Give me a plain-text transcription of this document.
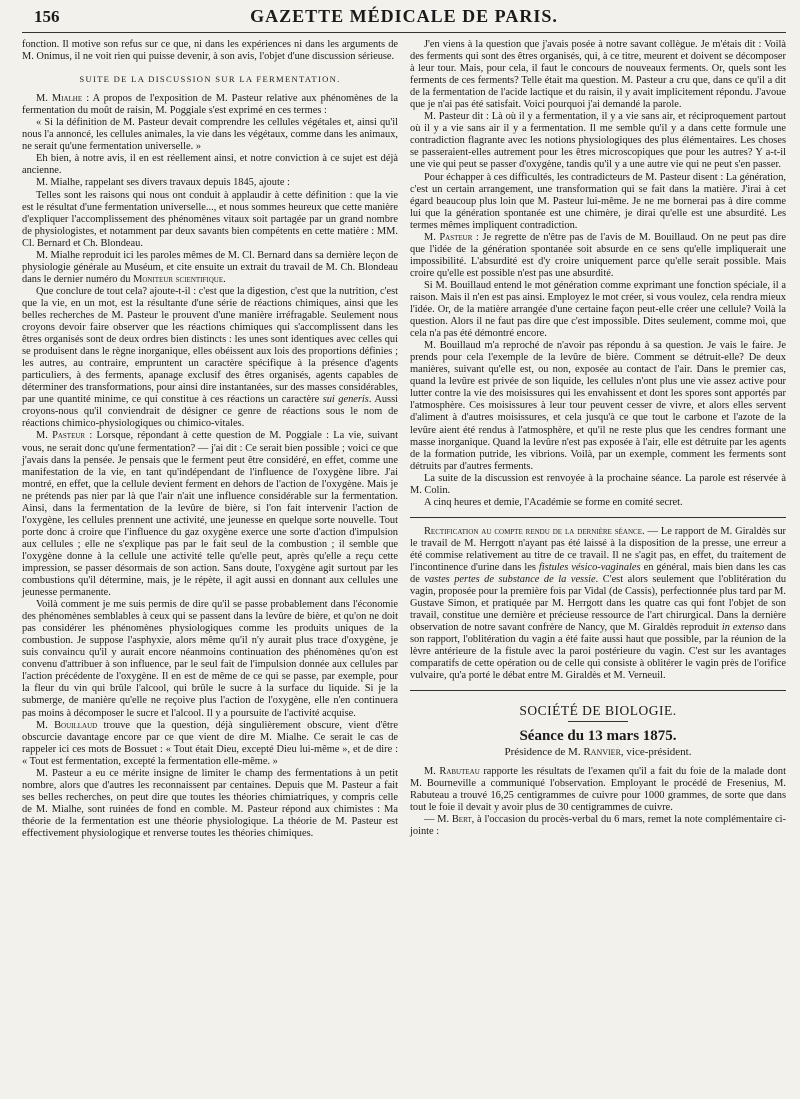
156	GAZETTE MÉDICALE DE PARIS.

fonction. Il motive son refus sur ce que, ni dans les expériences ni dans les arguments de M. Onimus, il ne voit rien qui puisse devenir, à son avis, l'objet d'une discussion sérieuse.

SUITE DE LA DISCUSSION SUR LA FERMENTATION.

M. Mialhe : A propos de l'exposition de M. Pasteur relative aux phénomènes de la fermentation du moût de raisin, M. Poggiale s'est exprimé en ces termes :

« Si la définition de M. Pasteur devait comprendre les cellules végétales et, ainsi qu'il nous l'a annoncé, les cellules animales, la vie dans les végétaux, comme dans les animaux, ne serait qu'une fermentation universelle. »

Eh bien, à notre avis, il en est réellement ainsi, et notre conviction à ce sujet est déjà ancienne.

M. Mialhe, rappelant ses divers travaux depuis 1845, ajoute :

Telles sont les raisons qui nous ont conduit à applaudir à cette définition : que la vie est le résultat d'une fermentation universelle..., et nous sommes heureux que cette manière d'expliquer l'accomplissement des phénomènes vitaux soit partagée par un grand nombre de physiologistes, et notamment par deux savants bien compétents en cette matière : MM. Cl. Bernard et Ch. Blondeau.

M. Mialhe reproduit ici les paroles mêmes de M. Cl. Bernard dans sa dernière leçon de physiologie générale au Muséum, et cite ensuite un extrait du travail de M. Ch. Blondeau dans le dernier numéro du Moniteur scientifique.

Que conclure de tout cela? ajoute-t-il : c'est que la digestion, c'est que la nutrition, c'est que la vie, en un mot, est la résultante d'une série de réactions chimiques, ainsi que les belles recherches de M. Pasteur le prouvent d'une manière irréfragable. Seulement nous croyons devoir faire observer que les réactions chimiques qui s'accomplissent dans les êtres organisés sont de deux ordres bien distincts : les unes sont identiques avec celles qui se produisent dans le règne inorganique, elles obéissent aux lois des proportions définies ; les autres, au contraire, empruntent un caractère spécifique à la présence d'agents particuliers, à des ferments, apanage exclusif des êtres organisés, agents capables de déterminer des transformations, pour ainsi dire instantanées, sur des masses considérables, par une quantité minime, ce qui constitue à ces réactions un caractère sui generis. Aussi croyons-nous qu'il conviendrait de désigner ce genre de réactions sous le nom de réactions chimico-physiologiques ou chimico-vitales.

M. Pasteur : Lorsque, répondant à cette question de M. Poggiale : La vie, suivant vous, ne serait donc qu'une fermentation? — j'ai dit : Ce serait bien possible ; voici ce que j'avais dans la pensée. Je pensais que le ferment peut être considéré, en effet, comme une manifestation de la vie, en tant qu'indépendant de l'influence de l'oxygène libre. J'ai montré, en effet, que la cellule devient ferment en dehors de l'action de l'oxygène. Mais je ne prétends pas nier par là que l'air n'ait une influence considérable sur la fermentation. Ainsi, dans la fermentation de la levûre de bière, si l'on fait intervenir l'action de l'oxygène, les cellules prennent une activité, une jeunesse en quelque sorte nouvelle. Tout porte donc à croire que l'influence du gaz oxygène exerce une sorte d'action d'impulsion aux cellules ; elle ne s'explique pas par le fait seul de la combustion ; il semble que l'oxygène donne à la cellule une activité telle qu'elle peut, après qu'elle a reçu cette impression, se passer désormais de son action. Sans doute, l'oxygène agit surtout par les combustions qu'il détermine, mais, je le répète, il agit aussi en donnant aux cellules une jeunesse permanente.

Voilà comment je me suis permis de dire qu'il se passe probablement dans l'économie des phénomènes semblables à ceux qui se passent dans la levûre de bière, et qu'on ne doit pas considérer les phénomènes physiologiques comme les produits uniques de la combustion. Je suppose l'asphyxie, alors même qu'il n'y aurait plus trace d'oxygène, je suis convaincu qu'il y aurait encore néanmoins continuation des phénomènes qu'on est convenu d'attribuer à son influence, par le seul fait de l'impulsion donnée aux cellules par l'action précédente de l'oxygène. Il en est de même de ce qui se passe, par exemple, pour la fleur du vin qui brûle l'alcool, qui brûle le sucre à la surface du liquide. Si je la submerge, de manière qu'elle ne reçoive plus l'action de l'oxygène, elle n'en continuera pas moins à décomposer le sucre et l'alcool. Il y a poursuite de l'activité acquise.

M. Bouillaud trouve que la question, déjà singulièrement obscure, vient d'être obscurcie davantage encore par ce que vient de dire M. Mialhe. Ce serait le cas de rappeler ici ces mots de Bossuet : « Tout était Dieu, excepté Dieu lui-même », et de dire : « Tout est fermentation, excepté la fermentation elle-même. »

M. Pasteur a eu ce mérite insigne de limiter le champ des fermentations à un petit nombre, alors que d'autres les reconnaissent par centaines. Depuis que M. Pasteur a fait ses belles recherches, on peut dire que toutes les théories chimiatriques, y compris celle de M. Mialhe, sont ruinées de fond en comble. M. Pasteur répond aux chimistes : Ma théorie de la fermentation est une théorie physiologique. La théorie de M. Pasteur est effectivement physiologique et renverse toutes les théories chimiques.

J'en viens à la question que j'avais posée à notre savant collègue. Je m'étais dit : Voilà des ferments qui sont des êtres organisés, qui, à ce titre, meurent et doivent se décomposer à leur tour. Mais, pour cela, il faut le concours de nouveaux ferments. Or, quels sont les ferments de ces ferments? Telle était ma question. M. Pasteur a cru que, dans ce qu'il a dit de la fermentation de l'acide lactique et du raisin, il y avait implicitement répondu. J'avoue que je n'ai pas été satisfait. Voici pourquoi j'ai demandé la parole.

M. Pasteur dit : Là où il y a fermentation, il y a vie sans air, et réciproquement partout où il y a vie sans air il y a fermentation. Il me semble qu'il y a dans cette formule une contradiction flagrante avec les notions physiologiques des plus élémentaires. Les choses se passeraient-elles autrement pour les êtres microscopiques que pour les autres? Y a-t-il une vie qui peut se passer d'oxygène, tandis qu'il y a une autre vie qui ne peut s'en passer.

Pour échapper à ces difficultés, les contradicteurs de M. Pasteur disent : La génération, c'est un certain arrangement, une transformation qui se fait dans la matière. J'irai à cet égard beaucoup plus loin que M. Pasteur lui-même. Je ne me bornerai pas à dire comme lui que la génération spontanée est une chimère, je dirai qu'elle est une absurdité. Les termes mêmes impliquent contradiction.

M. Pasteur : Je regrette de n'être pas de l'avis de M. Bouillaud. On ne peut pas dire que l'idée de la génération spontanée soit absurde en ce sens qu'elle impliquerait une impossibilité. L'absurdité est d'y croire uniquement parce qu'elle serait possible. Mais croire qu'elle est possible n'est pas une absurdité.

Si M. Bouillaud entend le mot génération comme exprimant une fonction spéciale, il a raison. Mais il n'en est pas ainsi. Employez le mot créer, si vous voulez, cela rendra mieux l'idée. Or, de la matière arrangée d'une certaine façon peut-elle créer une cellule? Voilà la question. Alors il ne faut pas dire que c'est impossible. Dites seulement, comme moi, que cela n'a pas été démontré encore.

M. Bouillaud m'a reproché de n'avoir pas répondu à sa question. Je vais le faire. Je prends pour cela l'exemple de la levûre de bière. Comment se détruit-elle? De deux manières, suivant qu'elle est, ou non, exposée au contact de l'air. Dans le premier cas, quand la levûre est privée de son liquide, les cellules n'ont plus une vie assez active pour lutter contre la vie des moisissures qui les envahissent et dont les spores sont apportés par l'atmosphère. Ces moisissures à leur tour peuvent cesser de vivre, et alors elles servent d'aliment à d'autres moisissures, et cela jusqu'à ce que tout le carbone et l'azote de la levûre aient été rendus à l'atmosphère, et qu'il ne reste plus que les cendres formant une masse inorganique. Quand la levûre n'est pas exposée à l'air, elle est détruite par les agents de la formation putride, les vibrions. Voilà, par un exemple, comment les ferments sont détruits par d'autres ferments.

La suite de la discussion est renvoyée à la prochaine séance. La parole est réservée à M. Colin.

A cinq heures et demie, l'Académie se forme en comité secret.

Rectification au compte rendu de la dernière séance. — Le rapport de M. Giraldès sur le travail de M. Herrgott n'ayant pas été laissé à la disposition de la presse, une erreur a été commise relativement au titre de ce travail. Il ne s'agit pas, en effet, du traitement de l'incontinence d'urine dans les fistules vésico-vaginales en général, mais bien dans les cas de vastes pertes de substance de la vessie. C'est alors seulement que l'oblitération du vagin, proposée pour la première fois par Vidal (de Cassis), perfectionnée plus tard par M. Gustave Simon, et pratiquée par M. Herrgott dans les quatre cas qui font l'objet de son travail, constitue une dernière et précieuse ressource de l'art chirurgical. Dans la dernière observation de notre savant confrère de Nancy, que M. Giraldès reproduit in extenso dans son rapport, l'oblitération du vagin a été faite aussi haut que possible, par la réunion de la lèvre antérieure de la fistule avec la paroi postérieure du vagin. C'est sur les avantages comparatifs de cette opération ou de celle qui consiste à oblitérer le vagin près de l'orifice vulvaire, qu'a porté le débat entre M. Giraldès et M. Verneuil.

SOCIÉTÉ DE BIOLOGIE.
Séance du 13 mars 1875.
Présidence de M. Ranvier, vice-président.

M. Rabuteau rapporte les résultats de l'examen qu'il a fait du foie de la malade dont M. Bourneville a communiqué l'observation. Employant le procédé de Fresenius, M. Rabuteau a trouvé 16,25 centigrammes de cuivre pour 1000 grammes, de sorte que dans tout le foie il devait y avoir plus de 30 centigrammes de cuivre.

— M. Bert, à l'occasion du procès-verbal du 6 mars, remet la note complémentaire ci-jointe :
